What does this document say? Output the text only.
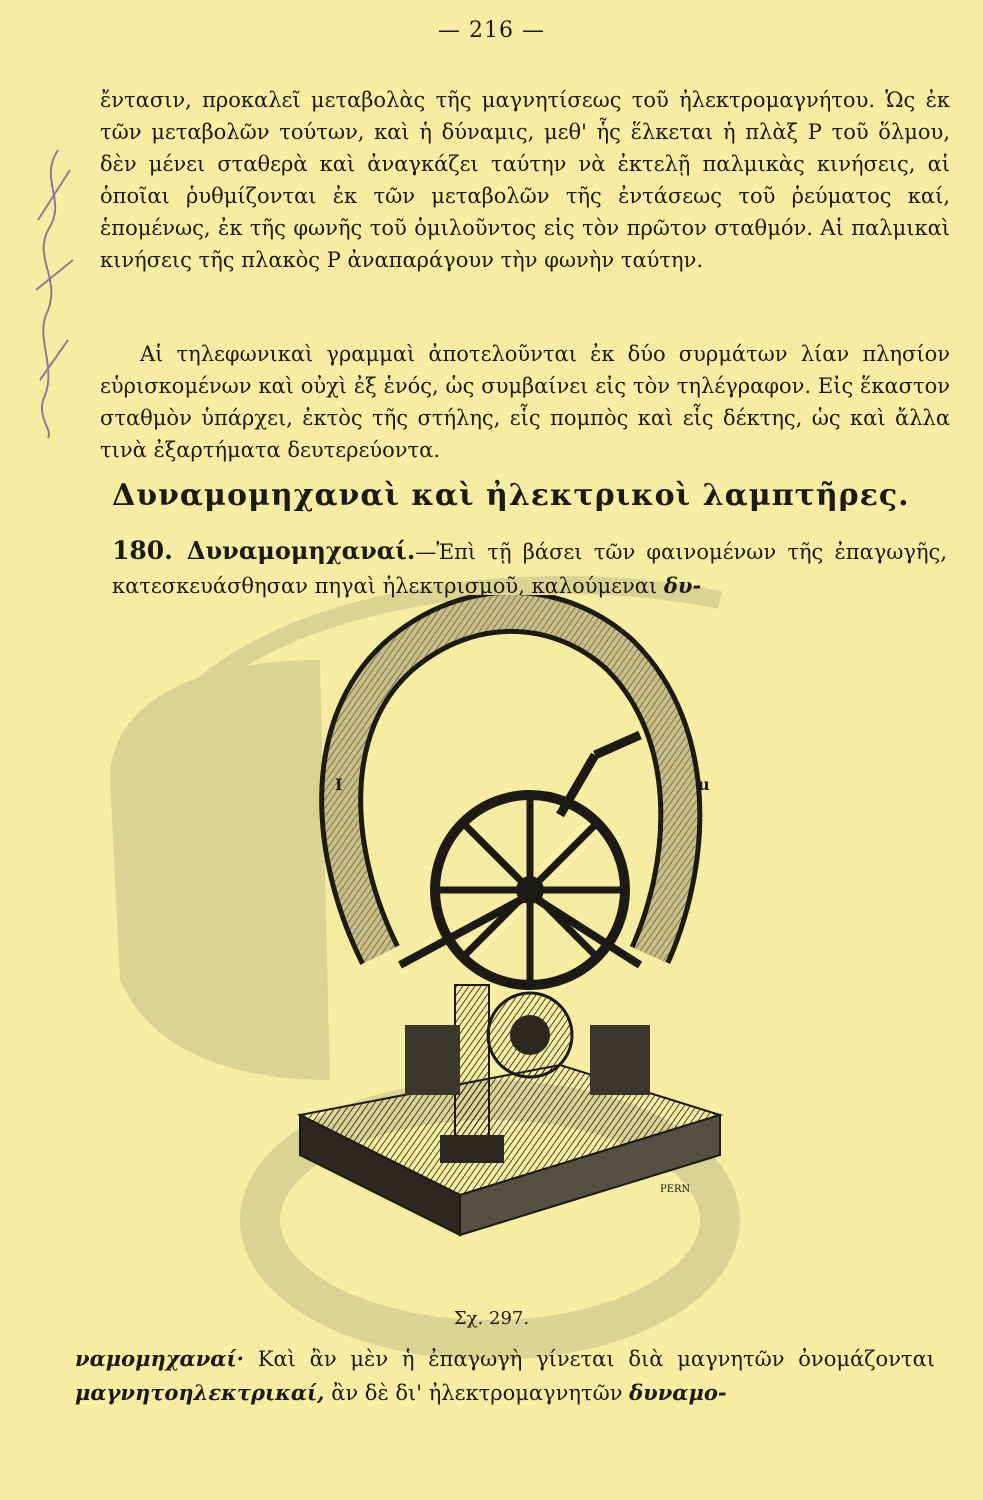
— 216 —
ἔντασιν, προκαλεῖ μεταβολὰς τῆς μαγνητίσεως τοῦ ἠλεκτρομαγνήτου. Ὡς ἐκ τῶν μεταβολῶν τούτων, καὶ ἡ δύναμις, μεθ' ἧς ἕλκεται ἡ πλὰξ Ρ τοῦ ὅλμου, δὲν μένει σταθερὰ καὶ ἀναγκάζει ταύτην νὰ ἐκτελῇ παλμικὰς κινήσεις, αἱ ὁποῖαι ῥυθμίζονται ἐκ τῶν μεταβολῶν τῆς ἐντάσεως τοῦ ῥεύματος καί, ἑπομένως, ἐκ τῆς φωνῆς τοῦ ὁμιλοῦντος εἰς τὸν πρῶτον σταθμόν. Αἱ παλμικαὶ κινήσεις τῆς πλακὸς Ρ ἀναπαράγουν τὴν φωνὴν ταύτην.
Αἱ τηλεφωνικαὶ γραμμαὶ ἀποτελοῦνται ἐκ δύο συρμάτων λίαν πλησίον εὑρισκομένων καὶ οὐχὶ ἐξ ἑνός, ὡς συμβαίνει εἰς τὸν τηλέγραφον. Εἰς ἕκαστον σταθμὸν ὑπάρχει, ἐκτὸς τῆς στήλης, εἷς πομπὸς καὶ εἷς δέκτης, ὡς καὶ ἄλλα τινὰ ἐξαρτήματα δευτερεύοντα.
Δυναμομηχαναὶ καὶ ἠλεκτρικοὶ λαμπτῆρες.
180. Δυναμομηχαναί.—Ἐπὶ τῇ βάσει τῶν φαινομένων τῆς ἐπαγωγῆς, κατεσκευάσθησαν πηγαὶ ἠλεκτρισμοῦ, καλούμεναι δυ-
I	u
PERN
Σχ. 297.
ναμομηχαναί· Καὶ ἂν μὲν ἡ ἐπαγωγὴ γίνεται διὰ μαγνητῶν ὀνομάζονται μαγνητοηλεκτρικαί, ἂν δὲ δι' ἠλεκτρομαγνητῶν δυναμο-
